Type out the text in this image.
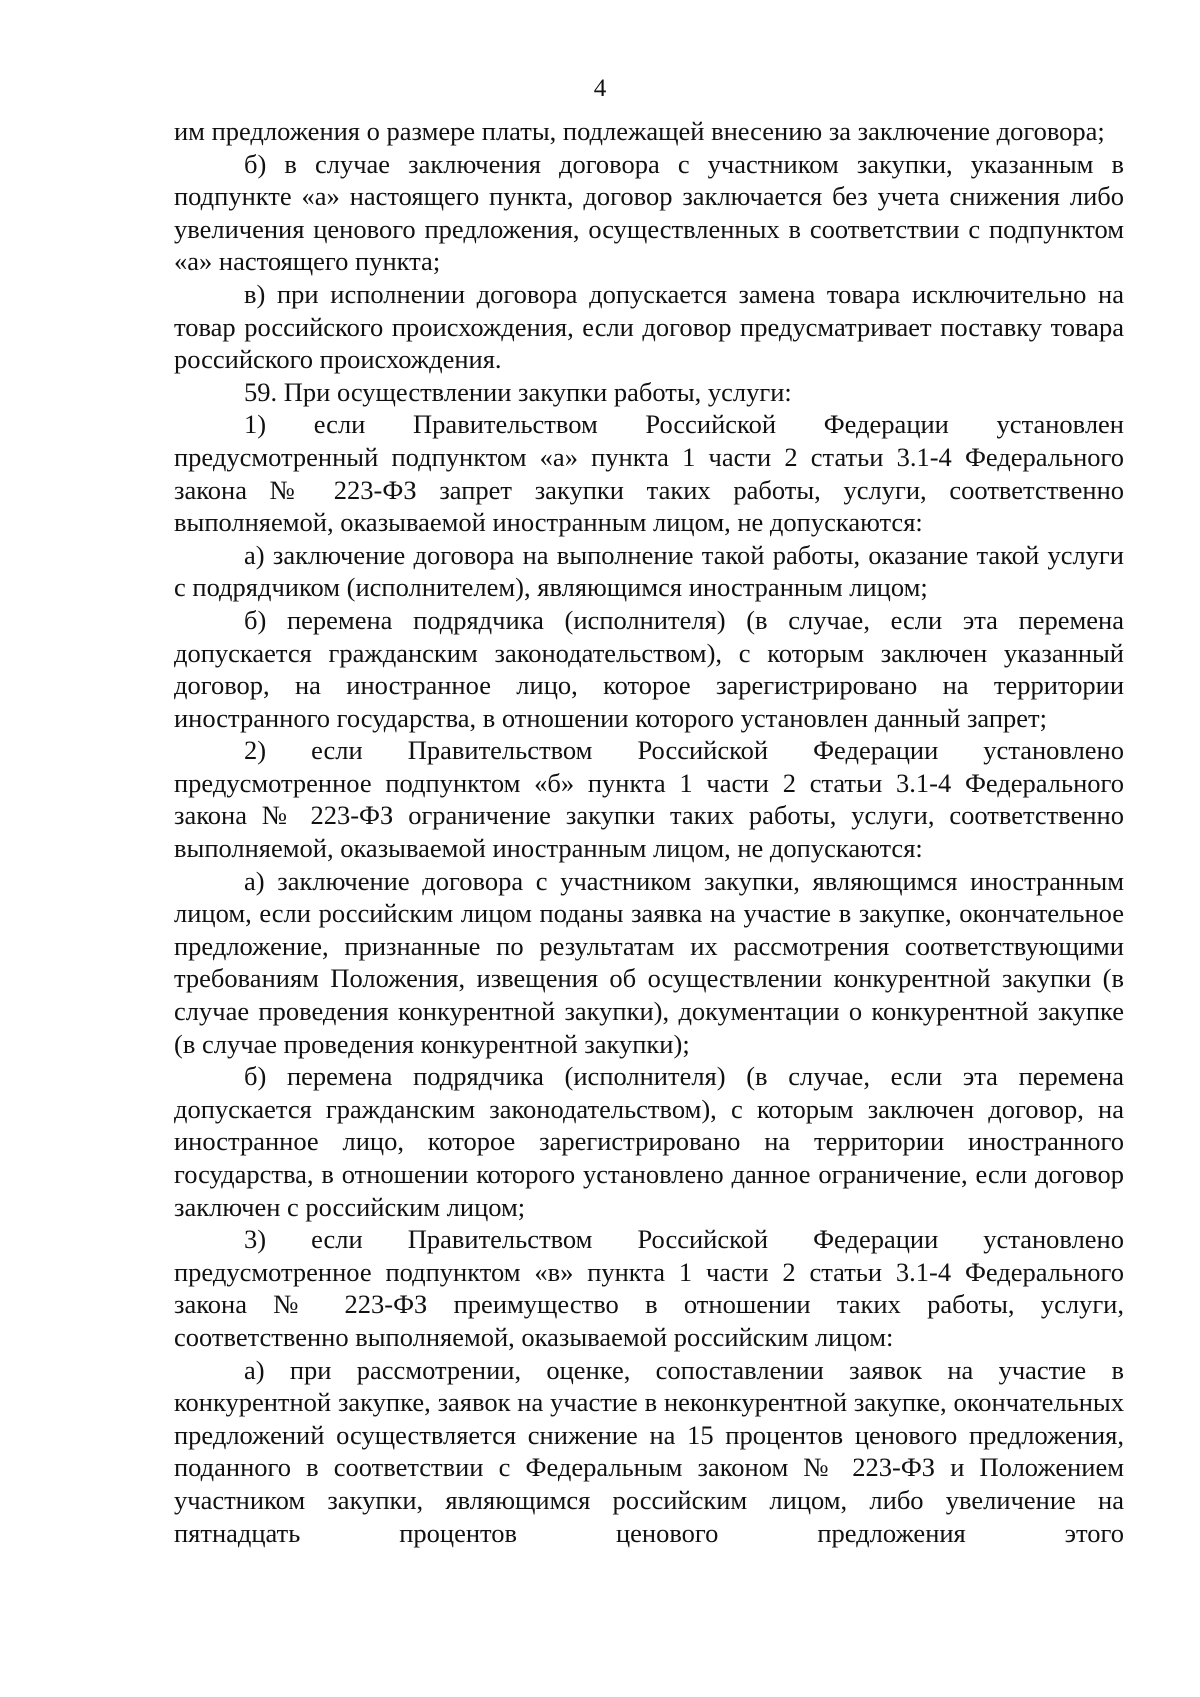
4

им предложения о размере платы, подлежащей внесению за заключение договора;

б) в случае заключения договора с участником закупки, указанным в подпункте «а» настоящего пункта, договор заключается без учета снижения либо увеличения ценового предложения, осуществленных в соответствии с подпунктом «а» настоящего пункта;

в) при исполнении договора допускается замена товара исключительно на товар российского происхождения, если договор предусматривает поставку товара российского происхождения.

59. При осуществлении закупки работы, услуги:

1) если Правительством Российской Федерации установлен предусмотренный подпунктом «а» пункта 1 части 2 статьи 3.1-4 Федерального закона № 223-ФЗ запрет закупки таких работы, услуги, соответственно выполняемой, оказываемой иностранным лицом, не допускаются:

а) заключение договора на выполнение такой работы, оказание такой услуги с подрядчиком (исполнителем), являющимся иностранным лицом;

б) перемена подрядчика (исполнителя) (в случае, если эта перемена допускается гражданским законодательством), с которым заключен указанный договор, на иностранное лицо, которое зарегистрировано на территории иностранного государства, в отношении которого установлен данный запрет;

2) если Правительством Российской Федерации установлено предусмотренное подпунктом «б» пункта 1 части 2 статьи 3.1-4 Федерального закона № 223-ФЗ ограничение закупки таких работы, услуги, соответственно выполняемой, оказываемой иностранным лицом, не допускаются:

а) заключение договора с участником закупки, являющимся иностранным лицом, если российским лицом поданы заявка на участие в закупке, окончательное предложение, признанные по результатам их рассмотрения соответствующими требованиям Положения, извещения об осуществлении конкурентной закупки (в случае проведения конкурентной закупки), документации о конкурентной закупке (в случае проведения конкурентной закупки);

б) перемена подрядчика (исполнителя) (в случае, если эта перемена допускается гражданским законодательством), с которым заключен договор, на иностранное лицо, которое зарегистрировано на территории иностранного государства, в отношении которого установлено данное ограничение, если договор заключен с российским лицом;

3) если Правительством Российской Федерации установлено предусмотренное подпунктом «в» пункта 1 части 2 статьи 3.1-4 Федерального закона № 223-ФЗ преимущество в отношении таких работы, услуги, соответственно выполняемой, оказываемой российским лицом:

а) при рассмотрении, оценке, сопоставлении заявок на участие в конкурентной закупке, заявок на участие в неконкурентной закупке, окончательных предложений осуществляется снижение на 15 процентов ценового предложения, поданного в соответствии с Федеральным законом № 223-ФЗ и Положением участником закупки, являющимся российским лицом, либо увеличение на пятнадцать процентов ценового предложения этого
